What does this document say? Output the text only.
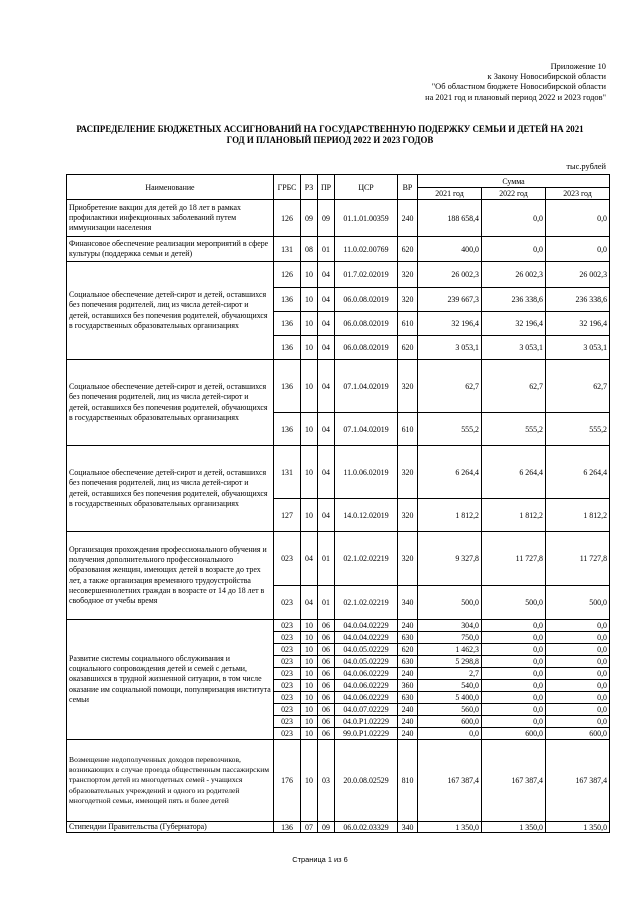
Приложение 10
к Закону Новосибирской области
"Об областном бюджете Новосибирской области
на 2021 год и плановый период 2022 и 2023 годов"
РАСПРЕДЕЛЕНИЕ БЮДЖЕТНЫХ АССИГНОВАНИЙ НА ГОСУДАРСТВЕННУЮ ПОДЕРЖКУ СЕМЬИ И ДЕТЕЙ НА 2021 ГОД И ПЛАНОВЫЙ ПЕРИОД 2022 И 2023 ГОДОВ
тыс.рублей
Наименование	ГРБС	РЗ	ПР	ЦСР	ВР	Сумма		
						2021 год	2022 год	2023 год
Приобретение вакцин для детей до 18 лет в рамках профилактики инфекционных заболеваний путем иммунизации населения	126	09	09	01.1.01.00359	240	188 658,4	0,0	0,0
Финансовое обеспечение реализации мероприятий в сфере культуры (поддержка семьи и детей)	131	08	01	11.0.02.00769	620	400,0	0,0	0,0
Социальное обеспечение детей-сирот и детей, оставшихся без попечения родителей, лиц из числа детей-сирот и детей, оставшихся без попечения родителей, обучающихся в государственных образовательных организациях	126	10	04	01.7.02.02019	320	26 002,3	26 002,3	26 002,3
	136	10	04	06.0.08.02019	320	239 667,3	236 338,6	236 338,6
	136	10	04	06.0.08.02019	610	32 196,4	32 196,4	32 196,4
	136	10	04	06.0.08.02019	620	3 053,1	3 053,1	3 053,1
Социальное обеспечение детей-сирот и детей, оставшихся без попечения родителей, лиц из числа детей-сирот и детей, оставшихся без попечения родителей, обучающихся в государственных образовательных организациях	136	10	04	07.1.04.02019	320	62,7	62,7	62,7
	136	10	04	07.1.04.02019	610	555,2	555,2	555,2
Социальное обеспечение детей-сирот и детей, оставшихся без попечения родителей, лиц из числа детей-сирот и детей, оставшихся без попечения родителей, обучающихся в государственных образовательных организациях	131	10	04	11.0.06.02019	320	6 264,4	6 264,4	6 264,4
	127	10	04	14.0.12.02019	320	1 812,2	1 812,2	1 812,2
Организация прохождения профессионального обучения и получения дополнительного профессионального образования женщин, имеющих детей в возрасте до трех лет, а также организация временного трудоустройства несовершеннолетних граждан в возрасте от 14 до 18 лет в свободное от учебы время	023	04	01	02.1.02.02219	320	9 327,8	11 727,8	11 727,8
	023	04	01	02.1.02.02219	340	500,0	500,0	500,0
Развитие системы социального обслуживания и социального сопровождения детей и семей с детьми, оказавшихся в трудной жизненной ситуации, в том числе оказание им социальной помощи, популяризация института семьи	023	10	06	04.0.04.02229	240	304,0	0,0	0,0
	023	10	06	04.0.04.02229	630	750,0	0,0	0,0
	023	10	06	04.0.05.02229	620	1 462,3	0,0	0,0
	023	10	06	04.0.05.02229	630	5 298,8	0,0	0,0
	023	10	06	04.0.06.02229	240	2,7	0,0	0,0
	023	10	06	04.0.06.02229	360	540,0	0,0	0,0
	023	10	06	04.0.06.02229	630	5 400,0	0,0	0,0
	023	10	06	04.0.07.02229	240	560,0	0,0	0,0
	023	10	06	04.0.P1.02229	240	600,0	0,0	0,0
	023	10	06	99.0.P1.02229	240	0,0	600,0	600,0
Возмещение недополученных доходов перевозчиков, возникающих в случае проезда общественным пассажирским транспортом детей из многодетных семей - учащихся образовательных учреждений и одного из родителей многодетной семьи, имеющей пять и более детей	176	10	03	20.0.08.02529	810	167 387,4	167 387,4	167 387,4
Стипендии Правительства (Губернатора)	136	07	09	06.0.02.03329	340	1 350,0	1 350,0	1 350,0
Страница 1 из 6
